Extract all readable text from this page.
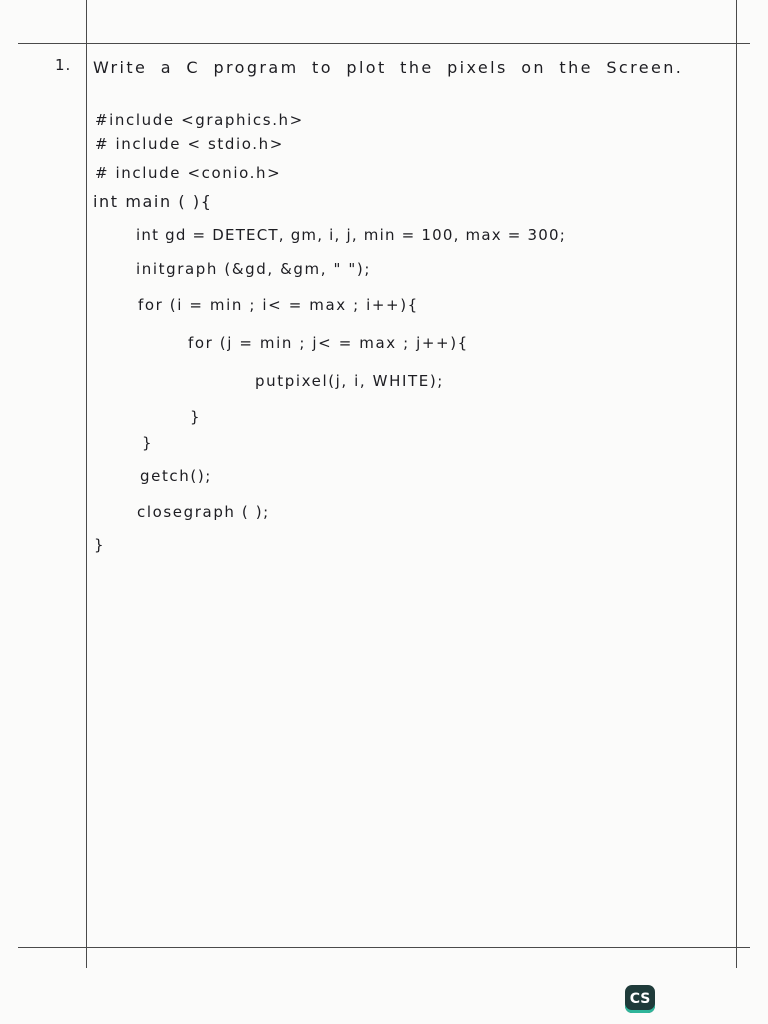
1. Write a C program to plot the pixels on the Screen.
#include <graphics.h>
# include < stdio.h>
# include <conio.h>
int main ( ){
int gd = DETECT, gm, i, j, min = 100, max = 300;
initgraph (&gd, &gm, " ");
for (i = min ; i< = max ; i++){
for (j = min ; j< = max ; j++){
putpixel(j, i, WHITE);
}
}
getch();
closegraph ( );
}
CS
